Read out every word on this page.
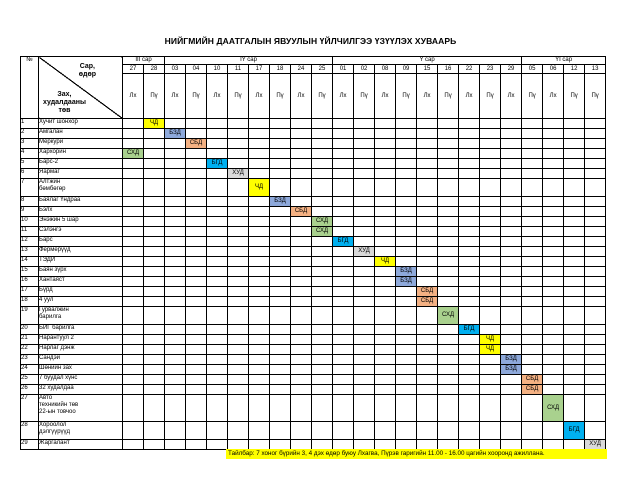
НИЙГМИЙН ДААТГАЛЫН ЯВУУЛЫН ҮЙЛЧИЛГЭЭ ҮЗҮҮЛЭХ ХУВААРЬ
№	Сар,
өдөр
Зах,
худалдааны
төв	III сар		IY сар								Y сар									YI сар			
		27	28	03	04	10	11	17	18	24	25	01	02	08	09	15	16	22	23	29	05	06	12	13
		Лх	Пү	Лх	Пү	Лх	Пү	Лх	Пү	Лх	Пү	Лх	Пү	Лх	Пү	Лх	Пү	Лх	Пү	Лх	Пү	Лх	Пү	Пү
1	Хучит шонхор		ЧД																					
2	Амгалан			БЗД																				
3	Меркури				СБД																			
4	Хархорин	СХД																						
5	Барс-2					БГД																		
6	Яармаг						ХУД																	
7	Алтжин
бөмбөгөр							ЧД																
8	Баялаг Үндраа								БЗД															
9	Бэлх									СБД														
10	Энэжин 5 шар										СХД													
11	Сэлэнгэ										СХД													
12	Барс											БГД												
13	Фермерүүд												ХУД											
14	ТЭДИ													ЧД										
15	Баян зүрх														БЗД									
16	Хантаяст														БЗД									
17	Бүрд															СБД								
18	4 уул															СБД								
19	Гурвалжин
барилга																СХД							
20	БИГ барилга																	БГД						
21	Нарантуул 2																		ЧД					
22	Нарлаг дэнж																		ЧД					
23	Сандэй																			БЗД				
24	Шөнийн зах																			БЗД				
25	7 буудал хүнс																				СБД			
26	32 худалдаа																				СБД			
27	Авто
техникийн төв
22-ын товчоо																					СХД		
28	Хороолол
дэлгүүрүүд																						БГД	
29	Жаргалант																							ХУД
Тайлбар: 7 хоног бүрийн 3, 4 дэх өдөр буюу Лхагва, Пүрэв гаригийн 11.00 - 16.00 цагийн хооронд ажиллана.
